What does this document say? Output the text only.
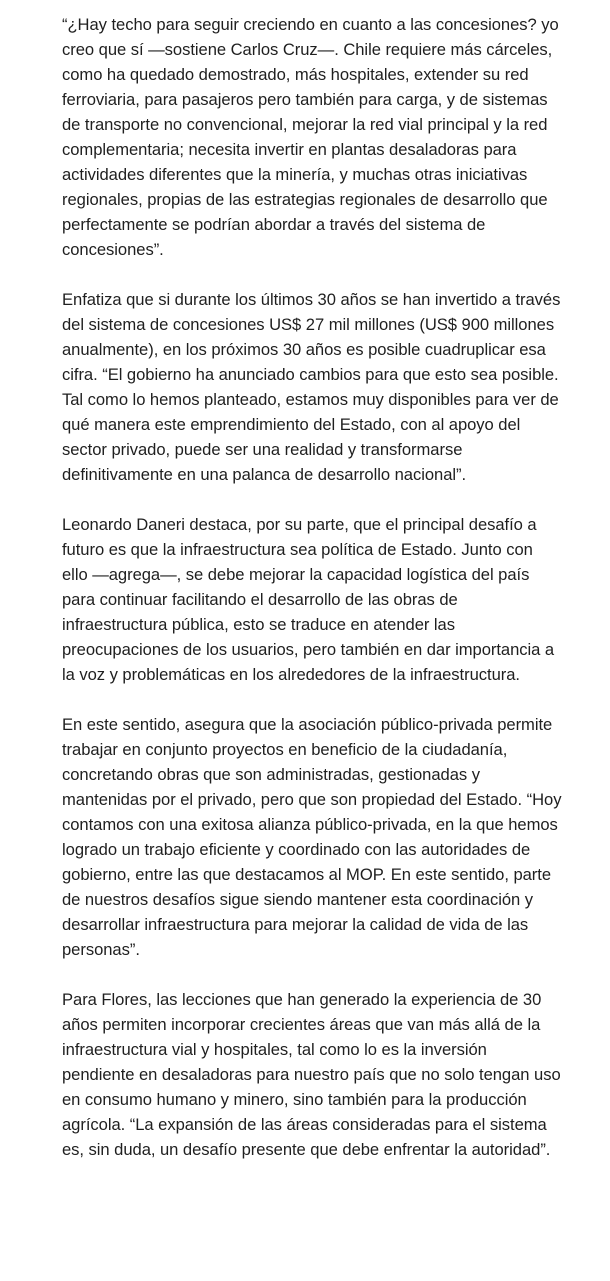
“¿Hay techo para seguir creciendo en cuanto a las concesiones? yo creo que sí —sostiene Carlos Cruz—. Chile requiere más cárceles, como ha quedado demostrado, más hospitales, extender su red ferroviaria, para pasajeros pero también para carga, y de sistemas de transporte no convencional, mejorar la red vial principal y la red complementaria; necesita invertir en plantas desaladoras para actividades diferentes que la minería, y muchas otras iniciativas regionales, propias de las estrategias regionales de desarrollo que perfectamente se podrían abordar a través del sistema de concesiones”.

Enfatiza que si durante los últimos 30 años se han invertido a través del sistema de concesiones US$ 27 mil millones (US$ 900 millones anualmente), en los próximos 30 años es posible cuadruplicar esa cifra. “El gobierno ha anunciado cambios para que esto sea posible. Tal como lo hemos planteado, estamos muy disponibles para ver de qué manera este emprendimiento del Estado, con al apoyo del sector privado, puede ser una realidad y transformarse definitivamente en una palanca de desarrollo nacional”.

Leonardo Daneri destaca, por su parte, que el principal desafío a futuro es que la infraestructura sea política de Estado. Junto con ello —agrega—, se debe mejorar la capacidad logística del país para continuar facilitando el desarrollo de las obras de infraestructura pública, esto se traduce en atender las preocupaciones de los usuarios, pero también en dar importancia a la voz y problemáticas en los alrededores de la infraestructura.

En este sentido, asegura que la asociación público-privada permite trabajar en conjunto proyectos en beneficio de la ciudadanía, concretando obras que son administradas, gestionadas y mantenidas por el privado, pero que son propiedad del Estado. “Hoy contamos con una exitosa alianza público-privada, en la que hemos logrado un trabajo eficiente y coordinado con las autoridades de gobierno, entre las que destacamos al MOP. En este sentido, parte de nuestros desafíos sigue siendo mantener esta coordinación y desarrollar infraestructura para mejorar la calidad de vida de las personas”.

Para Flores, las lecciones que han generado la experiencia de 30 años permiten incorporar crecientes áreas que van más allá de la infraestructura vial y hospitales, tal como lo es la inversión pendiente en desaladoras para nuestro país que no solo tengan uso en consumo humano y minero, sino también para la producción agrícola. “La expansión de las áreas consideradas para el sistema es, sin duda, un desafío presente que debe enfrentar la autoridad”.
